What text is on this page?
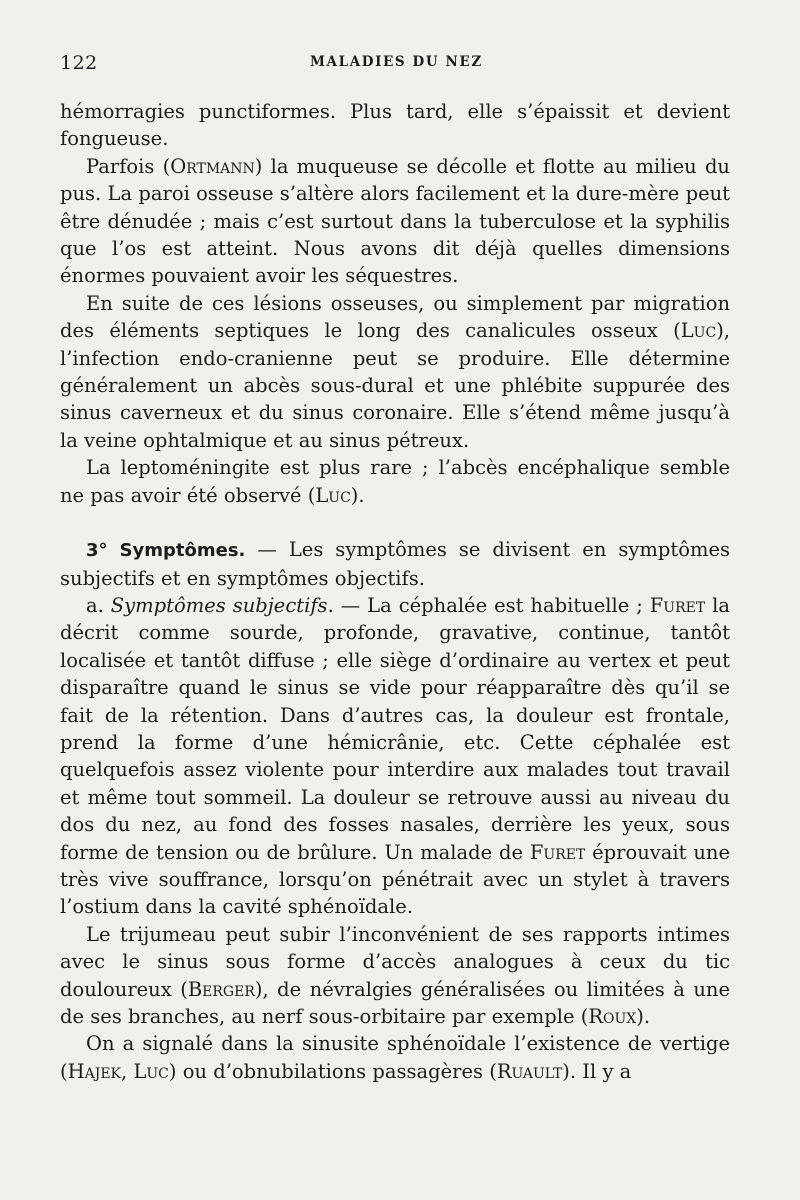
122	MALADIES DU NEZ

hémorragies punctiformes. Plus tard, elle s’épaissit et devient fongueuse.

Parfois (Ortmann) la muqueuse se décolle et flotte au milieu du pus. La paroi osseuse s’altère alors facilement et la dure-mère peut être dénudée ; mais c’est surtout dans la tuberculose et la syphilis que l’os est atteint. Nous avons dit déjà quelles dimensions énormes pouvaient avoir les séquestres.

En suite de ces lésions osseuses, ou simplement par migration des éléments septiques le long des canalicules osseux (Luc), l’infection endo-cranienne peut se produire. Elle détermine généralement un abcès sous-dural et une phlébite suppurée des sinus caverneux et du sinus coronaire. Elle s’étend même jusqu’à la veine ophtalmique et au sinus pétreux.

La leptoméningite est plus rare ; l’abcès encéphalique semble ne pas avoir été observé (Luc).

3° Symptômes. — Les symptômes se divisent en symptômes subjectifs et en symptômes objectifs.

a. Symptômes subjectifs. — La céphalée est habituelle ; Furet la décrit comme sourde, profonde, gravative, continue, tantôt localisée et tantôt diffuse ; elle siège d’ordinaire au vertex et peut disparaître quand le sinus se vide pour réapparaître dès qu’il se fait de la rétention. Dans d’autres cas, la douleur est frontale, prend la forme d’une hémicrânie, etc. Cette céphalée est quelquefois assez violente pour interdire aux malades tout travail et même tout sommeil. La douleur se retrouve aussi au niveau du dos du nez, au fond des fosses nasales, derrière les yeux, sous forme de tension ou de brûlure. Un malade de Furet éprouvait une très vive souffrance, lorsqu’on pénétrait avec un stylet à travers l’ostium dans la cavité sphénoïdale.

Le trijumeau peut subir l’inconvénient de ses rapports intimes avec le sinus sous forme d’accès analogues à ceux du tic douloureux (Berger), de névralgies généralisées ou limitées à une de ses branches, au nerf sous-orbitaire par exemple (Roux).

On a signalé dans la sinusite sphénoïdale l’existence de vertige (Hajek, Luc) ou d’obnubilations passagères (Ruault). Il y a
